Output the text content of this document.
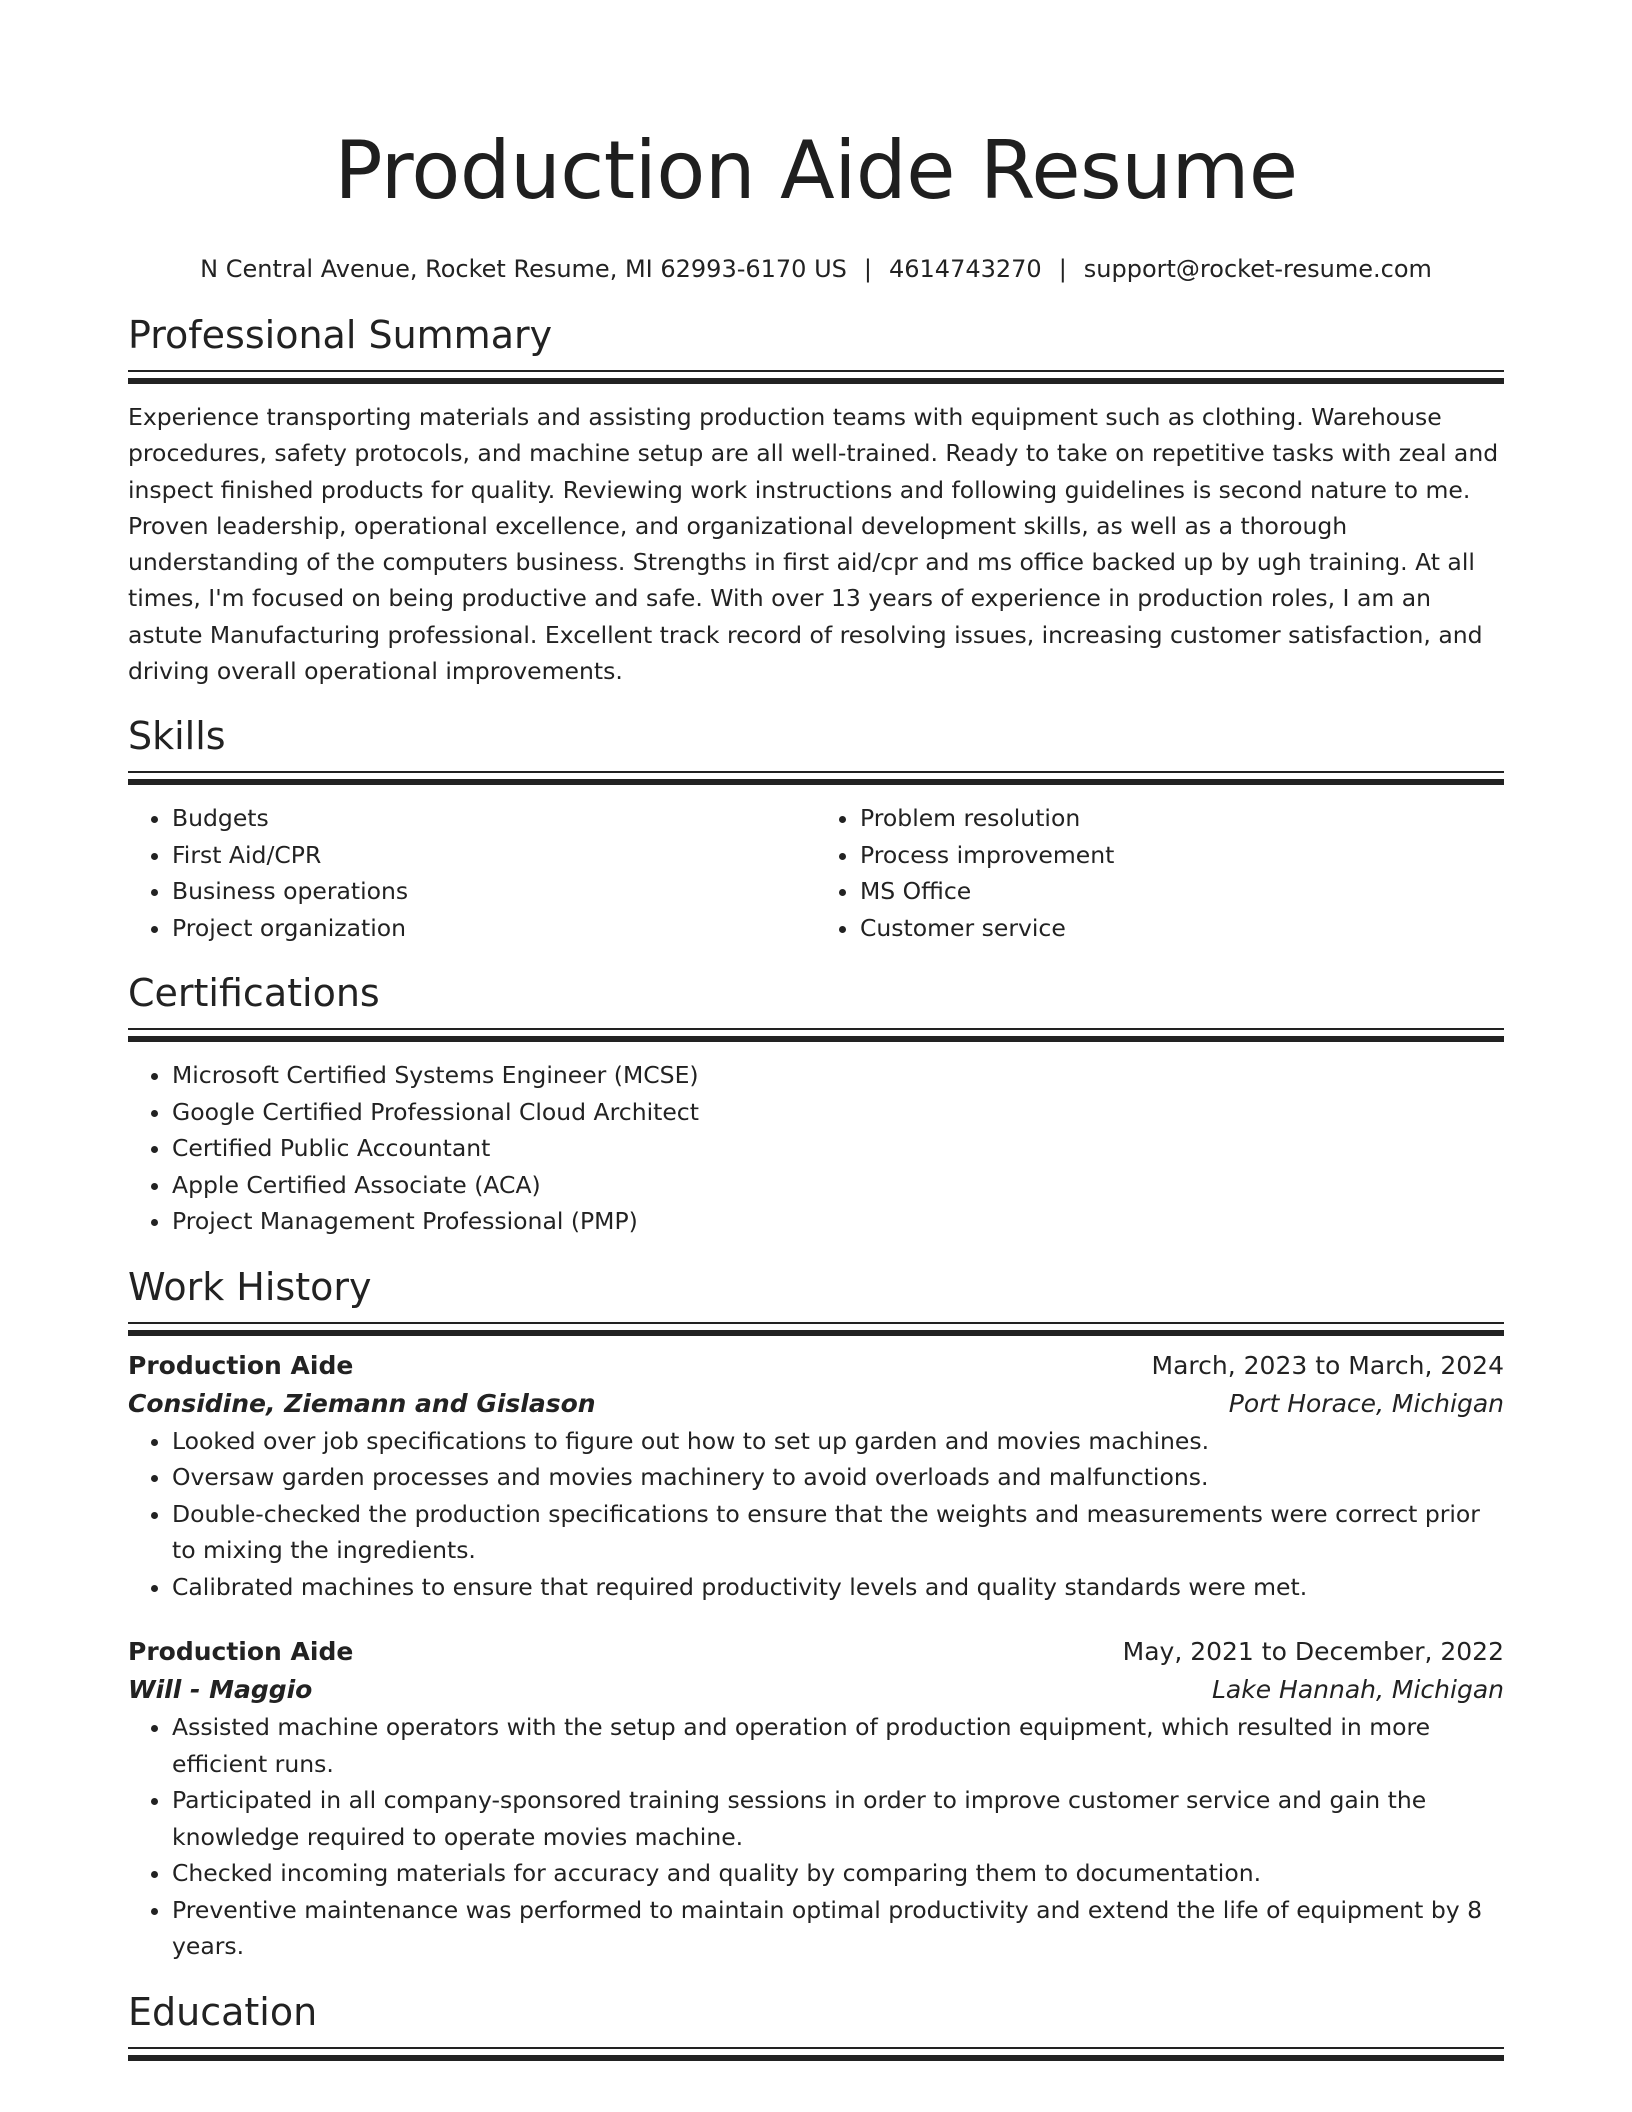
Production Aide Resume
N Central Avenue, Rocket Resume, MI 62993-6170 US | 4614743270 | support@rocket-resume.com
Professional Summary

Experience transporting materials and assisting production teams with equipment such as clothing. Warehouse procedures, safety protocols, and machine setup are all well-trained. Ready to take on repetitive tasks with zeal and inspect finished products for quality. Reviewing work instructions and following guidelines is second nature to me. Proven leadership, operational excellence, and organizational development skills, as well as a thorough understanding of the computers business. Strengths in first aid/cpr and ms office backed up by ugh training. At all times, I'm focused on being productive and safe. With over 13 years of experience in production roles, I am an astute Manufacturing professional. Excellent track record of resolving issues, increasing customer satisfaction, and driving overall operational improvements.

Skills
• Budgets
• First Aid/CPR
• Business operations
• Project organization
• Problem resolution
• Process improvement
• MS Office
• Customer service
Certifications
• Microsoft Certified Systems Engineer (MCSE)
• Google Certified Professional Cloud Architect
• Certified Public Accountant
• Apple Certified Associate (ACA)
• Project Management Professional (PMP)
Work History
Production Aide	March, 2023 to March, 2024
Considine, Ziemann and Gislason	Port Horace, Michigan
• Looked over job specifications to figure out how to set up garden and movies machines.
• Oversaw garden processes and movies machinery to avoid overloads and malfunctions.
• Double-checked the production specifications to ensure that the weights and measurements were correct prior to mixing the ingredients.
• Calibrated machines to ensure that required productivity levels and quality standards were met.
Production Aide	May, 2021 to December, 2022
Will - Maggio	Lake Hannah, Michigan
• Assisted machine operators with the setup and operation of production equipment, which resulted in more efficient runs.
• Participated in all company-sponsored training sessions in order to improve customer service and gain the knowledge required to operate movies machine.
• Checked incoming materials for accuracy and quality by comparing them to documentation.
• Preventive maintenance was performed to maintain optimal productivity and extend the life of equipment by 8 years.
Education
